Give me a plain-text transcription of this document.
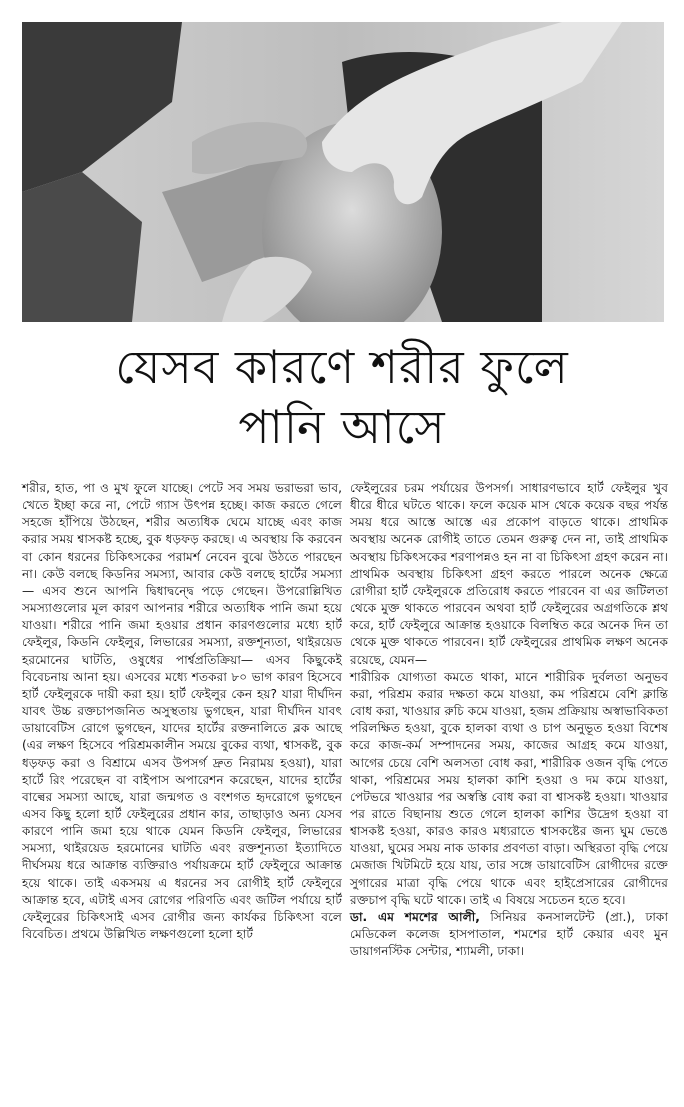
যেসব কারণে শরীর ফুলে
পানি আসে

শরীর, হাত, পা ও মুখ ফুলে যাচ্ছে। পেটে সব সময় ভরাভরা ভাব, খেতে ইচ্ছা করে না, পেটে গ্যাস উৎপন্ন হচ্ছে। কাজ করতে গেলে সহজে হাঁপিয়ে উঠছেন, শরীর অত্যধিক ঘেমে যাচ্ছে এবং কাজ করার সময় শ্বাসকষ্ট হচ্ছে, বুক ধড়ফড় করছে। এ অবস্থায় কি করবেন বা কোন ধরনের চিকিৎসকের পরামর্শ নেবেন বুঝে উঠতে পারছেন না। কেউ বলছে কিডনির সমস্যা, আবার কেউ বলছে হার্টের সমস্যা— এসব শুনে আপনি দ্বিধাদ্বন্দ্বে পড়ে গেছেন। উপরোল্লিখিত সমস্যাগুলোর মূল কারণ আপনার শরীরে অত্যধিক পানি জমা হয়ে যাওয়া। শরীরে পানি জমা হওয়ার প্রধান কারণগুলোর মধ্যে হার্ট ফেইলুর, কিডনি ফেইলুর, লিভারের সমস্যা, রক্তশূন্যতা, থাইরয়েড হরমোনের ঘাটতি, ওষুধের পার্শ্বপ্রতিক্রিয়া— এসব কিছুকেই বিবেচনায় আনা হয়। এসবের মধ্যে শতকরা ৮০ ভাগ কারণ হিসেবে হার্ট ফেইলুরকে দায়ী করা হয়। হার্ট ফেইলুর কেন হয়? যারা দীর্ঘদিন যাবৎ উচ্চ রক্তচাপজনিত অসুস্থতায় ভুগছেন, যারা দীর্ঘদিন যাবৎ ডায়াবেটিস রোগে ভুগছেন, যাদের হার্টের রক্তনালিতে ব্লক আছে (এর লক্ষণ হিসেবে পরিশ্রমকালীন সময়ে বুকের ব্যথা, শ্বাসকষ্ট, বুক ধড়ফড় করা ও বিশ্রামে এসব উপসর্গ দ্রুত নিরাময় হওয়া), যারা হার্টে রিং পরেছেন বা বাইপাস অপারেশন করেছেন, যাদের হার্টের বাল্বের সমস্যা আছে, যারা জন্মগত ও বংশগত হৃদরোগে ভুগছেন এসব কিছু হলো হার্ট ফেইলুরের প্রধান কার, তাছাড়াও অন্য যেসব কারণে পানি জমা হয়ে থাকে যেমন কিডনি ফেইলুর, লিভারের সমস্যা, থাইরয়েড হরমোনের ঘাটতি এবং রক্তশূন্যতা ইত্যাদিতে দীর্ঘসময় ধরে আক্রান্ত ব্যক্তিরাও পর্যায়ক্রমে হার্ট ফেইলুরে আক্রান্ত হয়ে থাকে। তাই একসময় এ ধরনের সব রোগীই হার্ট ফেইলুরে আক্রান্ত হবে, এটাই এসব রোগের পরিণতি এবং জটিল পর্যায়ে হার্ট ফেইলুরের চিকিৎসাই এসব রোগীর জন্য কার্যকর চিকিৎসা বলে বিবেচিত। প্রথমে উল্লিখিত লক্ষণগুলো হলো হার্ট

ফেইলুরের চরম পর্যায়ের উপসর্গ। সাধারণভাবে হার্ট ফেইলুর খুব ধীরে ধীরে ঘটতে থাকে। ফলে কয়েক মাস থেকে কয়েক বছর পর্যন্ত সময় ধরে আস্তে আস্তে এর প্রকোপ বাড়তে থাকে। প্রাথমিক অবস্থায় অনেক রোগীই তাতে তেমন গুরুত্ব দেন না, তাই প্রাথমিক অবস্থায় চিকিৎসকের শরণাপন্নও হন না বা চিকিৎসা গ্রহণ করেন না। প্রাথমিক অবস্থায় চিকিৎসা গ্রহণ করতে পারলে অনেক ক্ষেত্রে রোগীরা হার্ট ফেইলুরকে প্রতিরোধ করতে পারবেন বা এর জটিলতা থেকে মুক্ত থাকতে পারবেন অথবা হার্ট ফেইলুরের অগ্রগতিকে শ্লথ করে, হার্ট ফেইলুরে আক্রান্ত হওয়াকে বিলম্বিত করে অনেক দিন তা থেকে মুক্ত থাকতে পারবেন। হার্ট ফেইলুরের প্রাথমিক লক্ষণ অনেক রয়েছে, যেমন—

শারীরিক যোগ্যতা কমতে থাকা, মানে শারীরিক দুর্বলতা অনুভব করা, পরিশ্রম করার দক্ষতা কমে যাওয়া, কম পরিশ্রমে বেশি ক্লান্তি বোধ করা, খাওয়ার রুচি কমে যাওয়া, হজম প্রক্রিয়ায় অস্বাভাবিকতা পরিলক্ষিত হওয়া, বুকে হালকা ব্যথা ও চাপ অনুভূত হওয়া বিশেষ করে কাজ-কর্ম সম্পাদনের সময়, কাজের আগ্রহ কমে যাওয়া, আগের চেয়ে বেশি অলসতা বোধ করা, শারীরিক ওজন বৃদ্ধি পেতে থাকা, পরিশ্রমের সময় হালকা কাশি হওয়া ও দম কমে যাওয়া, পেটভরে খাওয়ার পর অস্বস্তি বোধ করা বা শ্বাসকষ্ট হওয়া। খাওয়ার পর রাতে বিছানায় শুতে গেলে হালকা কাশির উদ্রেগ হওয়া বা শ্বাসকষ্ট হওয়া, কারও কারও মধ্যরাতে শ্বাসকষ্টের জন্য ঘুম ভেঙে যাওয়া, ঘুমের সময় নাক ডাকার প্রবণতা বাড়া। অস্থিরতা বৃদ্ধি পেয়ে মেজাজ খিটমিটে হয়ে যায়, তার সঙ্গে ডায়াবেটিস রোগীদের রক্তে সুগারের মাত্রা বৃদ্ধি পেয়ে থাকে এবং হাইপ্রেসারের রোগীদের রক্তচাপ বৃদ্ধি ঘটে থাকে। তাই এ বিষয়ে সচেতন হতে হবে।

ডা. এম শমশের আলী, সিনিয়র কনসালটেন্ট (প্রা.), ঢাকা মেডিকেল কলেজ হাসপাতাল, শমশের হার্ট কেয়ার এবং মুন ডায়াগনস্টিক সেন্টার, শ্যামলী, ঢাকা।
